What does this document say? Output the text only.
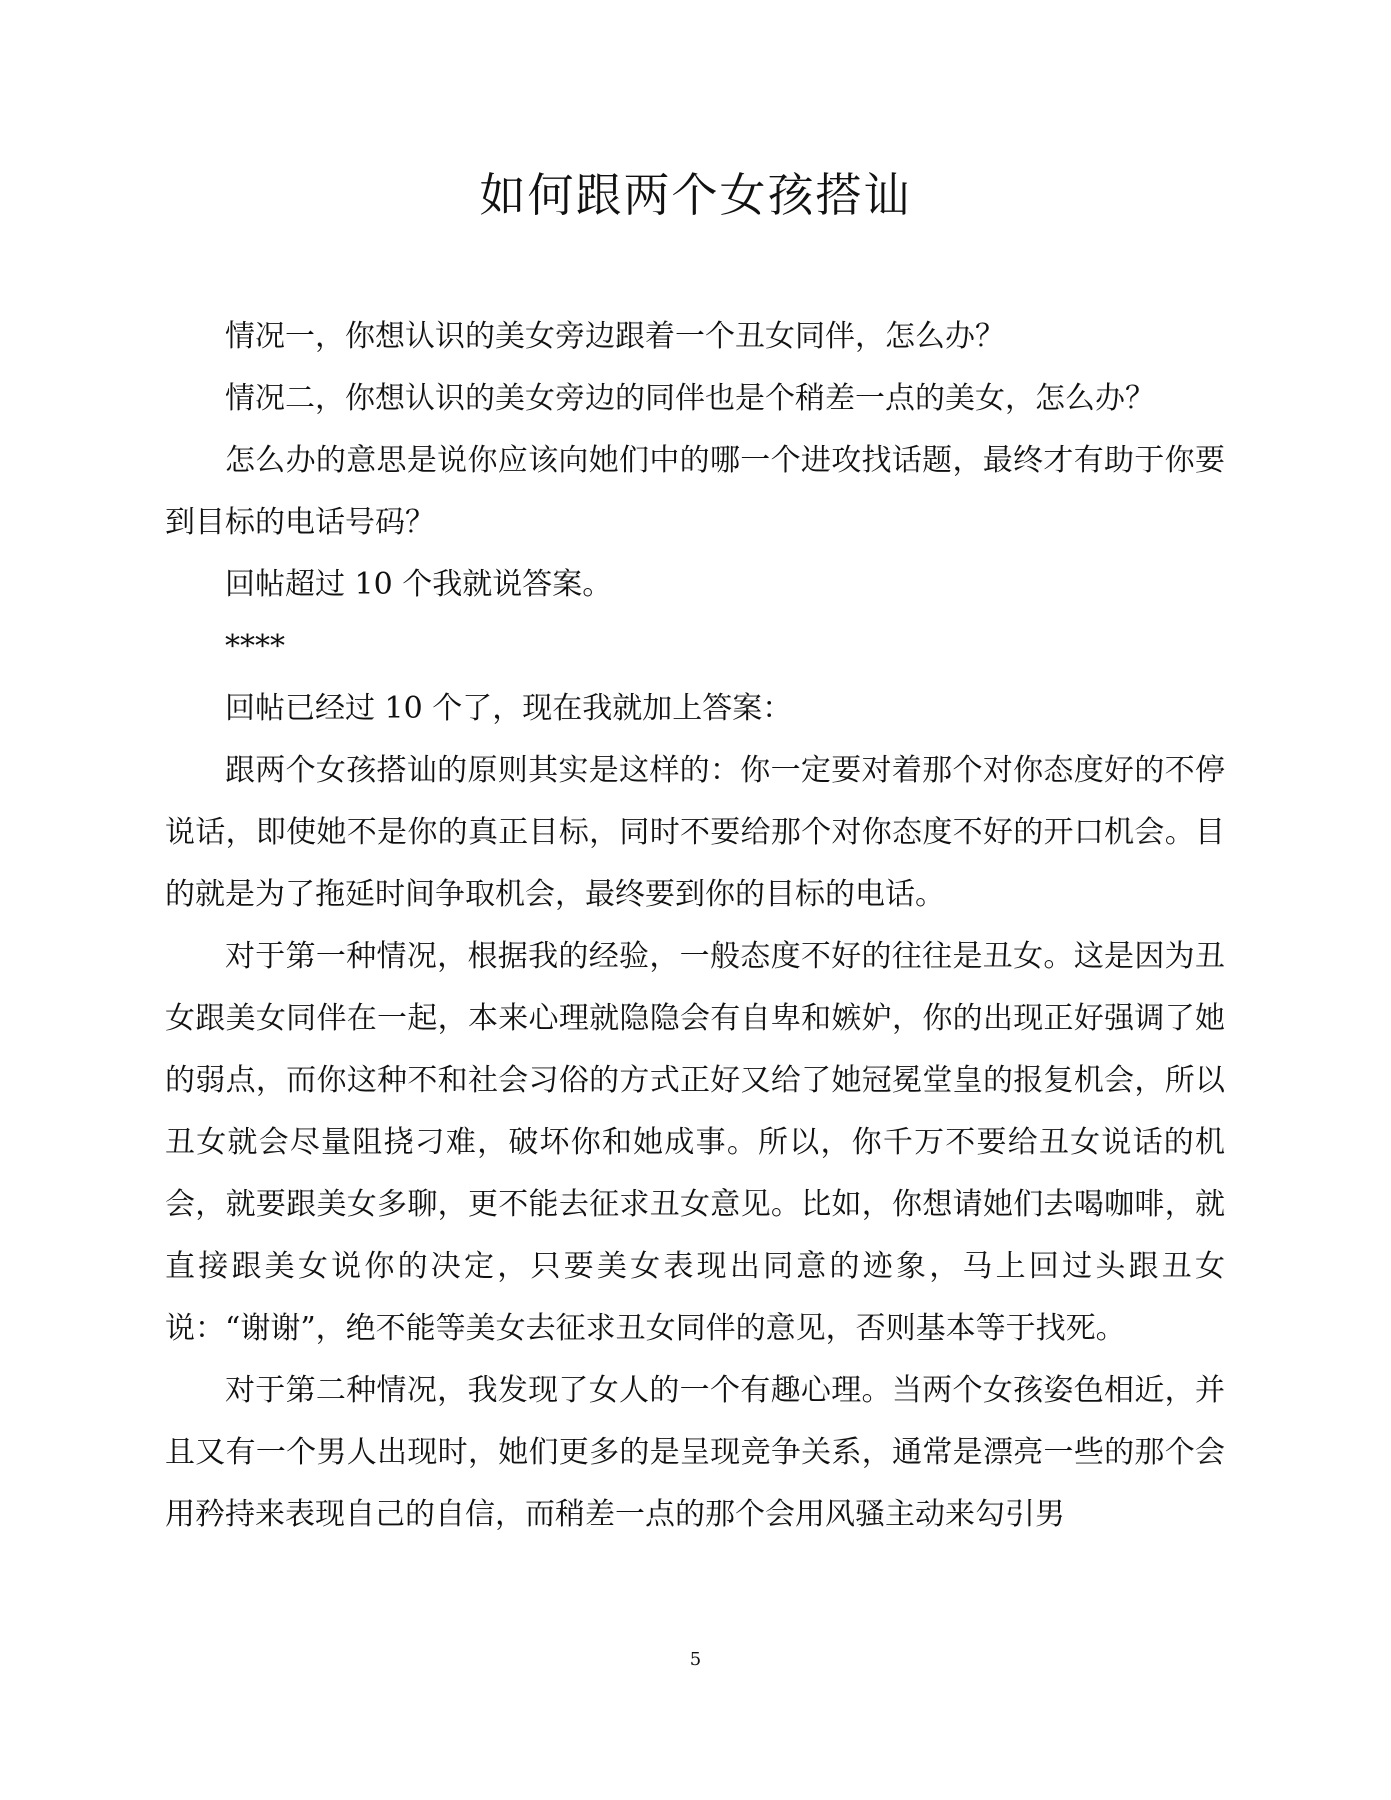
如何跟两个女孩搭讪

情况一，你想认识的美女旁边跟着一个丑女同伴，怎么办？

情况二，你想认识的美女旁边的同伴也是个稍差一点的美女，怎么办？

怎么办的意思是说你应该向她们中的哪一个进攻找话题，最终才有助于你要到目标的电话号码？

回帖超过 10 个我就说答案。

****

回帖已经过 10 个了，现在我就加上答案：

跟两个女孩搭讪的原则其实是这样的：你一定要对着那个对你态度好的不停说话，即使她不是你的真正目标，同时不要给那个对你态度不好的开口机会。目的就是为了拖延时间争取机会，最终要到你的目标的电话。

对于第一种情况，根据我的经验，一般态度不好的往往是丑女。这是因为丑女跟美女同伴在一起，本来心理就隐隐会有自卑和嫉妒，你的出现正好强调了她的弱点，而你这种不和社会习俗的方式正好又给了她冠冕堂皇的报复机会，所以丑女就会尽量阻挠刁难，破坏你和她成事。所以，你千万不要给丑女说话的机会，就要跟美女多聊，更不能去征求丑女意见。比如，你想请她们去喝咖啡，就直接跟美女说你的决定，只要美女表现出同意的迹象，马上回过头跟丑女说：“谢谢”，绝不能等美女去征求丑女同伴的意见，否则基本等于找死。

对于第二种情况，我发现了女人的一个有趣心理。当两个女孩姿色相近，并且又有一个男人出现时，她们更多的是呈现竞争关系，通常是漂亮一些的那个会用矜持来表现自己的自信，而稍差一点的那个会用风骚主动来勾引男

5
